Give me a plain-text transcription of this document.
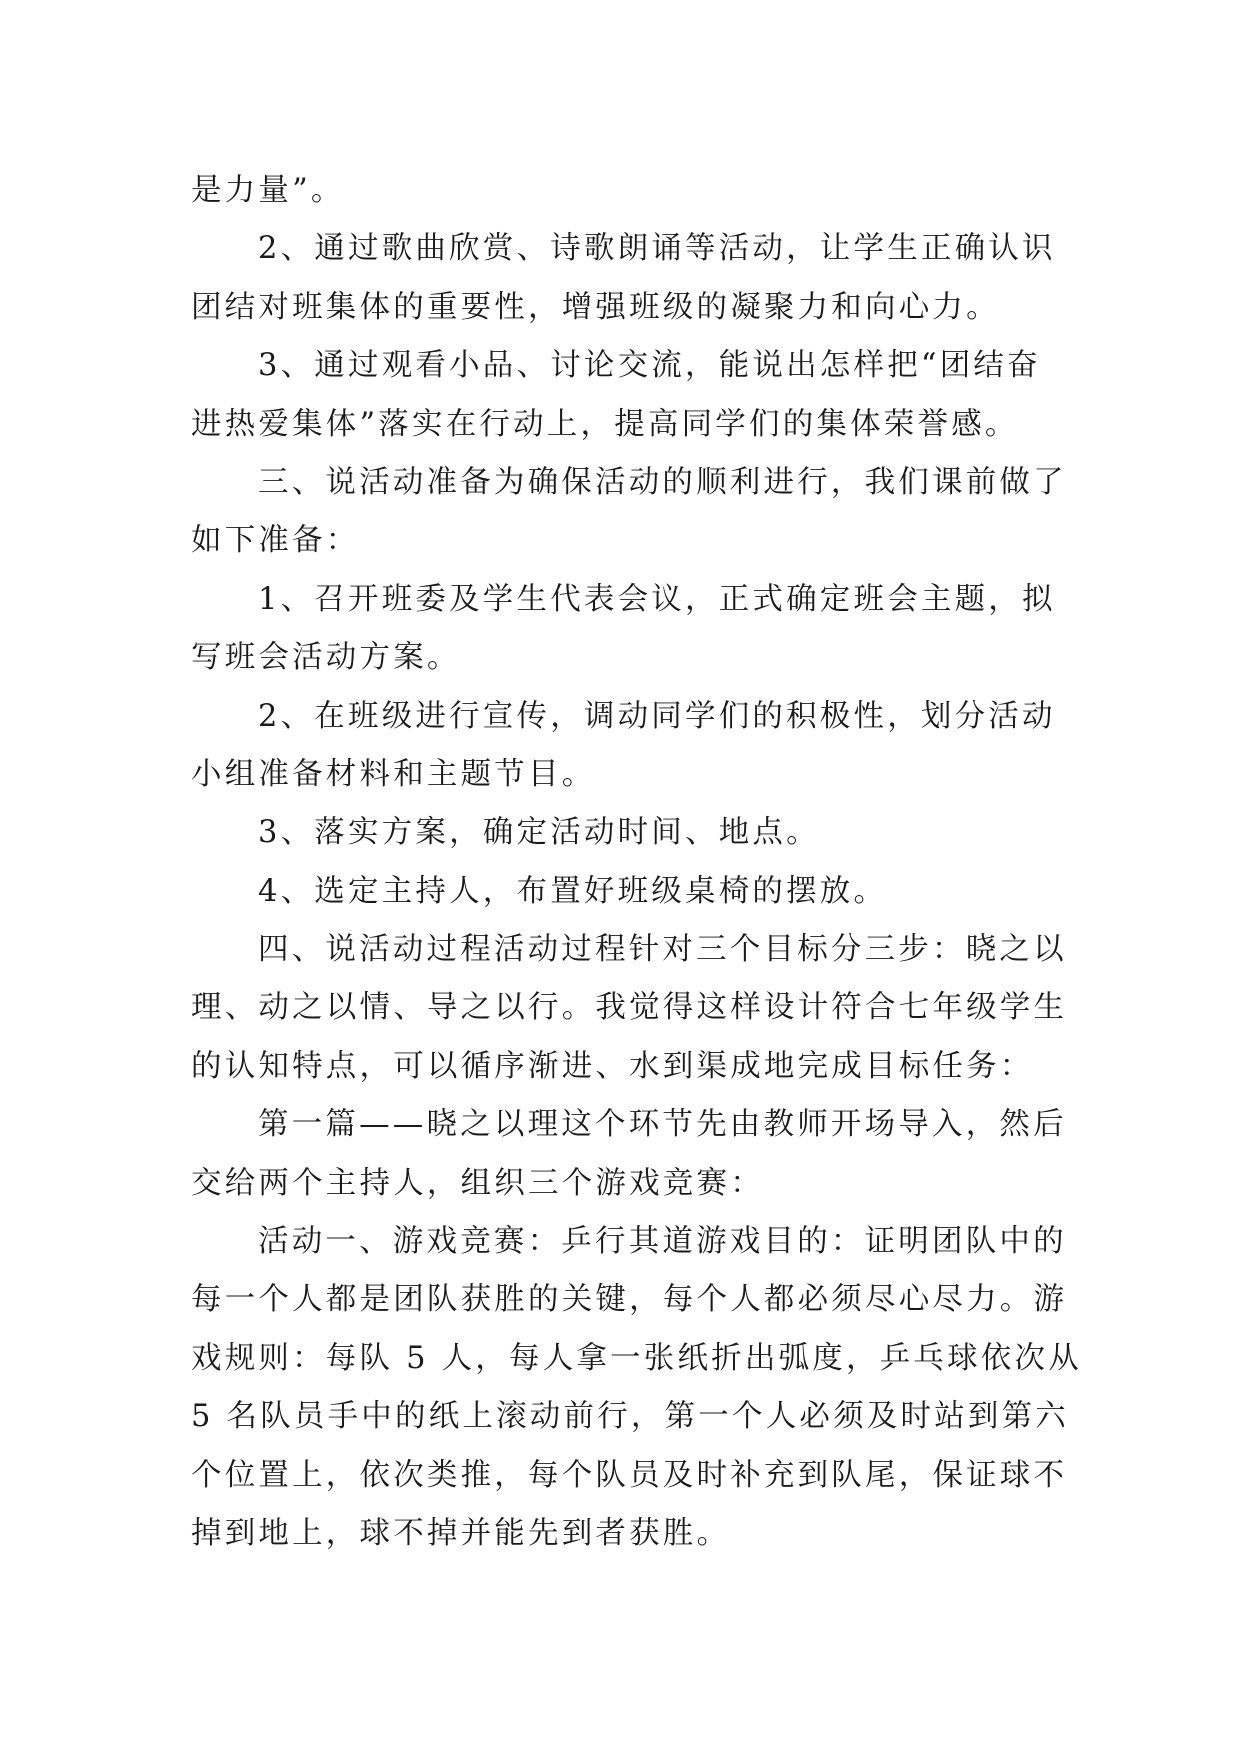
是力量”。
2、通过歌曲欣赏、诗歌朗诵等活动，让学生正确认识
团结对班集体的重要性，增强班级的凝聚力和向心力。
3、通过观看小品、讨论交流，能说出怎样把“团结奋
进热爱集体”落实在行动上，提高同学们的集体荣誉感。
三、说活动准备为确保活动的顺利进行，我们课前做了
如下准备：
1、召开班委及学生代表会议，正式确定班会主题，拟
写班会活动方案。
2、在班级进行宣传，调动同学们的积极性，划分活动
小组准备材料和主题节目。
3、落实方案，确定活动时间、地点。
4、选定主持人，布置好班级桌椅的摆放。
四、说活动过程活动过程针对三个目标分三步：晓之以
理、动之以情、导之以行。我觉得这样设计符合七年级学生
的认知特点，可以循序渐进、水到渠成地完成目标任务：
第一篇——晓之以理这个环节先由教师开场导入，然后
交给两个主持人，组织三个游戏竞赛：
活动一、游戏竞赛：乒行其道游戏目的：证明团队中的
每一个人都是团队获胜的关键，每个人都必须尽心尽力。游
戏规则：每队 5 人，每人拿一张纸折出弧度，乒乓球依次从
5 名队员手中的纸上滚动前行，第一个人必须及时站到第六
个位置上，依次类推，每个队员及时补充到队尾，保证球不
掉到地上，球不掉并能先到者获胜。
